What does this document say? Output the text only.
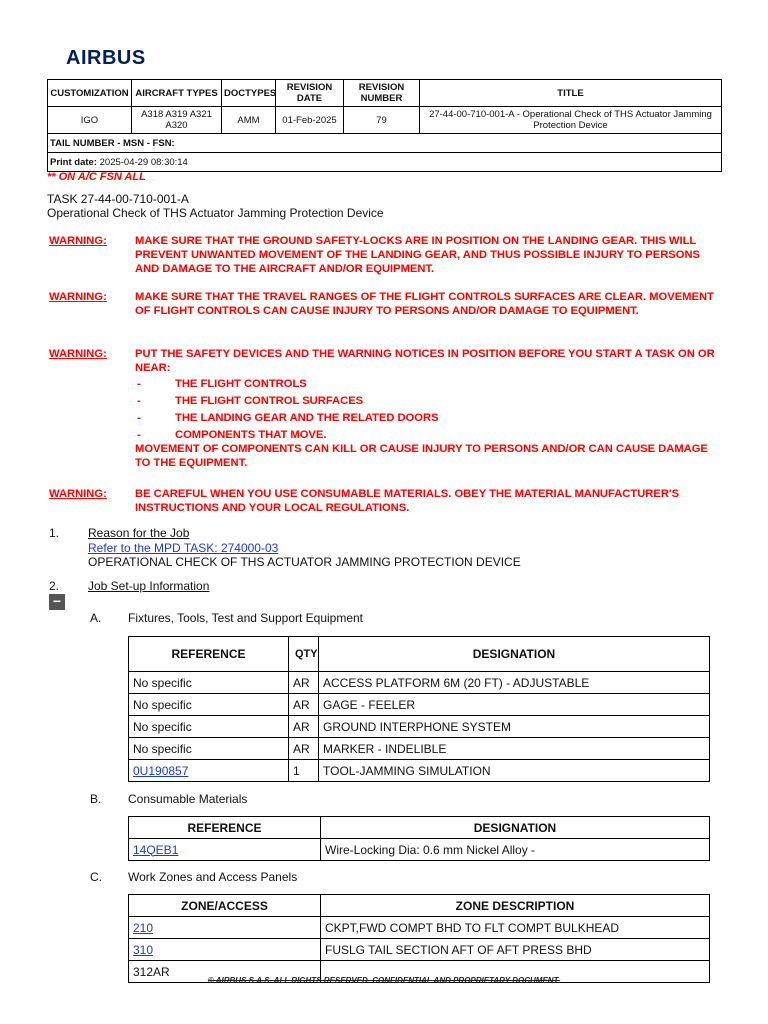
AIRBUS
CUSTOMIZATION	AIRCRAFT TYPES	DOCTYPES	REVISION DATE	REVISION NUMBER	TITLE
IGO	A318 A319 A321 A320	AMM	01-Feb-2025	79	27-44-00-710-001-A - Operational Check of THS Actuator Jamming Protection Device
TAIL NUMBER - MSN - FSN:					
Print date: 2025-04-29 08:30:14					
** ON A/C FSN ALL
TASK 27-44-00-710-001-A
Operational Check of THS Actuator Jamming Protection Device
WARNING:	MAKE SURE THAT THE GROUND SAFETY-LOCKS ARE IN POSITION ON THE LANDING GEAR. THIS WILL PREVENT UNWANTED MOVEMENT OF THE LANDING GEAR, AND THUS POSSIBLE INJURY TO PERSONS AND DAMAGE TO THE AIRCRAFT AND/OR EQUIPMENT.
WARNING:	MAKE SURE THAT THE TRAVEL RANGES OF THE FLIGHT CONTROLS SURFACES ARE CLEAR. MOVEMENT OF FLIGHT CONTROLS CAN CAUSE INJURY TO PERSONS AND/OR DAMAGE TO EQUIPMENT.
WARNING:	PUT THE SAFETY DEVICES AND THE WARNING NOTICES IN POSITION BEFORE YOU START A TASK ON OR NEAR:
-	THE FLIGHT CONTROLS
-	THE FLIGHT CONTROL SURFACES
-	THE LANDING GEAR AND THE RELATED DOORS
-	COMPONENTS THAT MOVE.
MOVEMENT OF COMPONENTS CAN KILL OR CAUSE INJURY TO PERSONS AND/OR CAN CAUSE DAMAGE TO THE EQUIPMENT.
WARNING:	BE CAREFUL WHEN YOU USE CONSUMABLE MATERIALS. OBEY THE MATERIAL MANUFACTURER'S INSTRUCTIONS AND YOUR LOCAL REGULATIONS.
1. Reason for the Job
Refer to the MPD TASK: 274000-03
OPERATIONAL CHECK OF THS ACTUATOR JAMMING PROTECTION DEVICE
2. Job Set-up Information
−
A. Fixtures, Tools, Test and Support Equipment
REFERENCE	QTY	DESIGNATION
No specific	AR	ACCESS PLATFORM 6M (20 FT) - ADJUSTABLE
No specific	AR	GAGE - FEELER
No specific	AR	GROUND INTERPHONE SYSTEM
No specific	AR	MARKER - INDELIBLE
0U190857	1	TOOL-JAMMING SIMULATION
B. Consumable Materials
REFERENCE	DESIGNATION
14QEB1	Wire-Locking Dia: 0.6 mm Nickel Alloy -
C. Work Zones and Access Panels
ZONE/ACCESS	ZONE DESCRIPTION
210	CKPT,FWD COMPT BHD TO FLT COMPT BULKHEAD
310	FUSLG TAIL SECTION AFT OF AFT PRESS BHD
312AR	
© AIRBUS S.A.S. ALL RIGHTS RESERVED. CONFIDENTIAL AND PROPRIETARY DOCUMENT.
